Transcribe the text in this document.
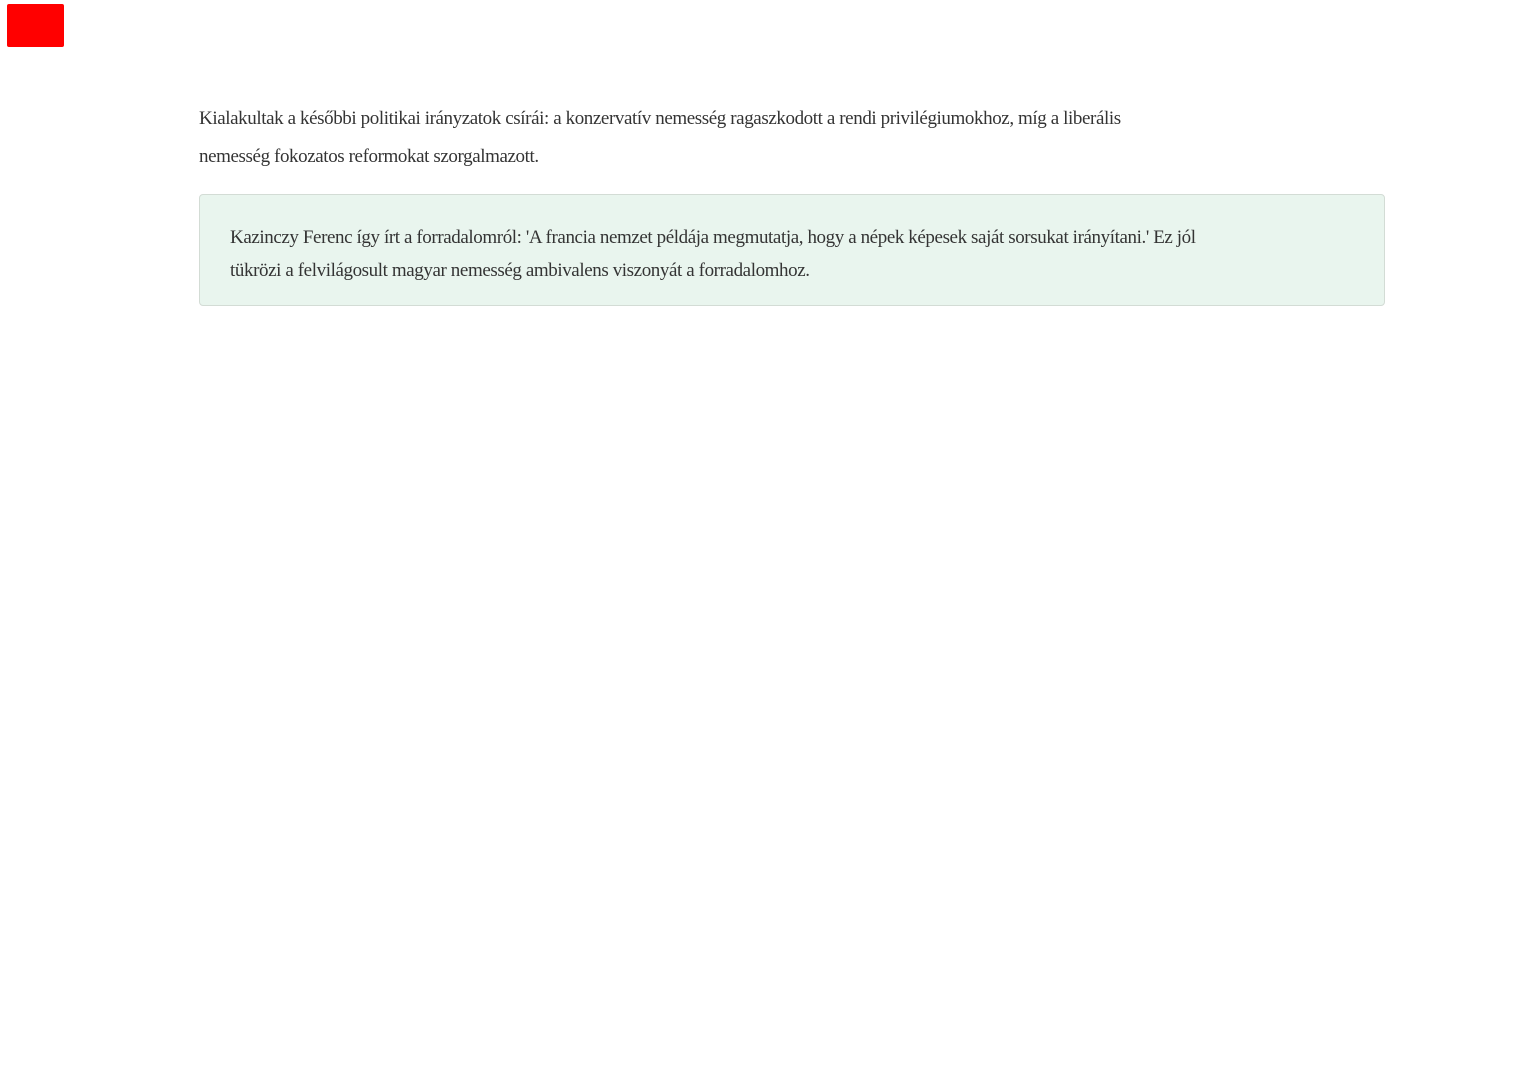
Kialakultak a későbbi politikai irányzatok csírái: a konzervatív nemesség ragaszkodott a rendi privilégiumokhoz, míg a liberális
nemesség fokozatos reformokat szorgalmazott.

Kazinczy Ferenc így írt a forradalomról: 'A francia nemzet példája megmutatja, hogy a népek képesek saját sorsukat irányítani.' Ez jól
tükrözi a felvilágosult magyar nemesség ambivalens viszonyát a forradalomhoz.
